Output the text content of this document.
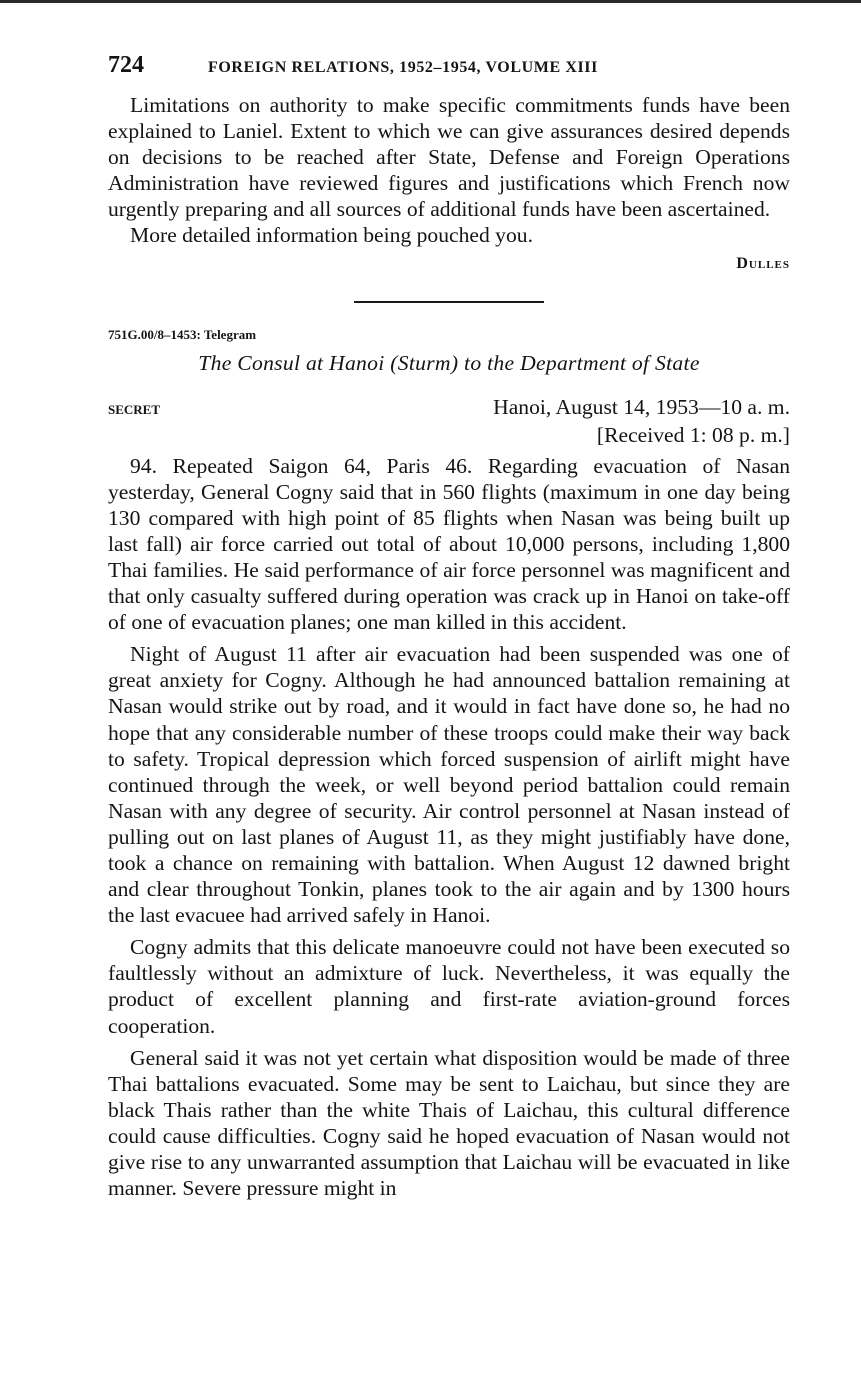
724	FOREIGN RELATIONS, 1952–1954, VOLUME XIII

Limitations on authority to make specific commitments funds have been explained to Laniel. Extent to which we can give assurances desired depends on decisions to be reached after State, Defense and Foreign Operations Administration have reviewed figures and justifications which French now urgently preparing and all sources of additional funds have been ascertained.

More detailed information being pouched you.

Dulles
751G.00/8–1453: Telegram
The Consul at Hanoi (Sturm) to the Department of State
SECRET	Hanoi, August 14, 1953—10 a. m.
[Received 1: 08 p. m.]

94. Repeated Saigon 64, Paris 46. Regarding evacuation of Nasan yesterday, General Cogny said that in 560 flights (maximum in one day being 130 compared with high point of 85 flights when Nasan was being built up last fall) air force carried out total of about 10,000 persons, including 1,800 Thai families. He said performance of air force personnel was magnificent and that only casualty suffered during operation was crack up in Hanoi on take-off of one of evacuation planes; one man killed in this accident.

Night of August 11 after air evacuation had been suspended was one of great anxiety for Cogny. Although he had announced battalion remaining at Nasan would strike out by road, and it would in fact have done so, he had no hope that any considerable number of these troops could make their way back to safety. Tropical depression which forced suspension of airlift might have continued through the week, or well beyond period battalion could remain Nasan with any degree of security. Air control personnel at Nasan instead of pulling out on last planes of August 11, as they might justifiably have done, took a chance on remaining with battalion. When August 12 dawned bright and clear throughout Tonkin, planes took to the air again and by 1300 hours the last evacuee had arrived safely in Hanoi.

Cogny admits that this delicate manoeuvre could not have been executed so faultlessly without an admixture of luck. Nevertheless, it was equally the product of excellent planning and first-rate aviation-ground forces cooperation.

General said it was not yet certain what disposition would be made of three Thai battalions evacuated. Some may be sent to Laichau, but since they are black Thais rather than the white Thais of Laichau, this cultural difference could cause difficulties. Cogny said he hoped evacuation of Nasan would not give rise to any unwarranted assumption that Laichau will be evacuated in like manner. Severe pressure might in
